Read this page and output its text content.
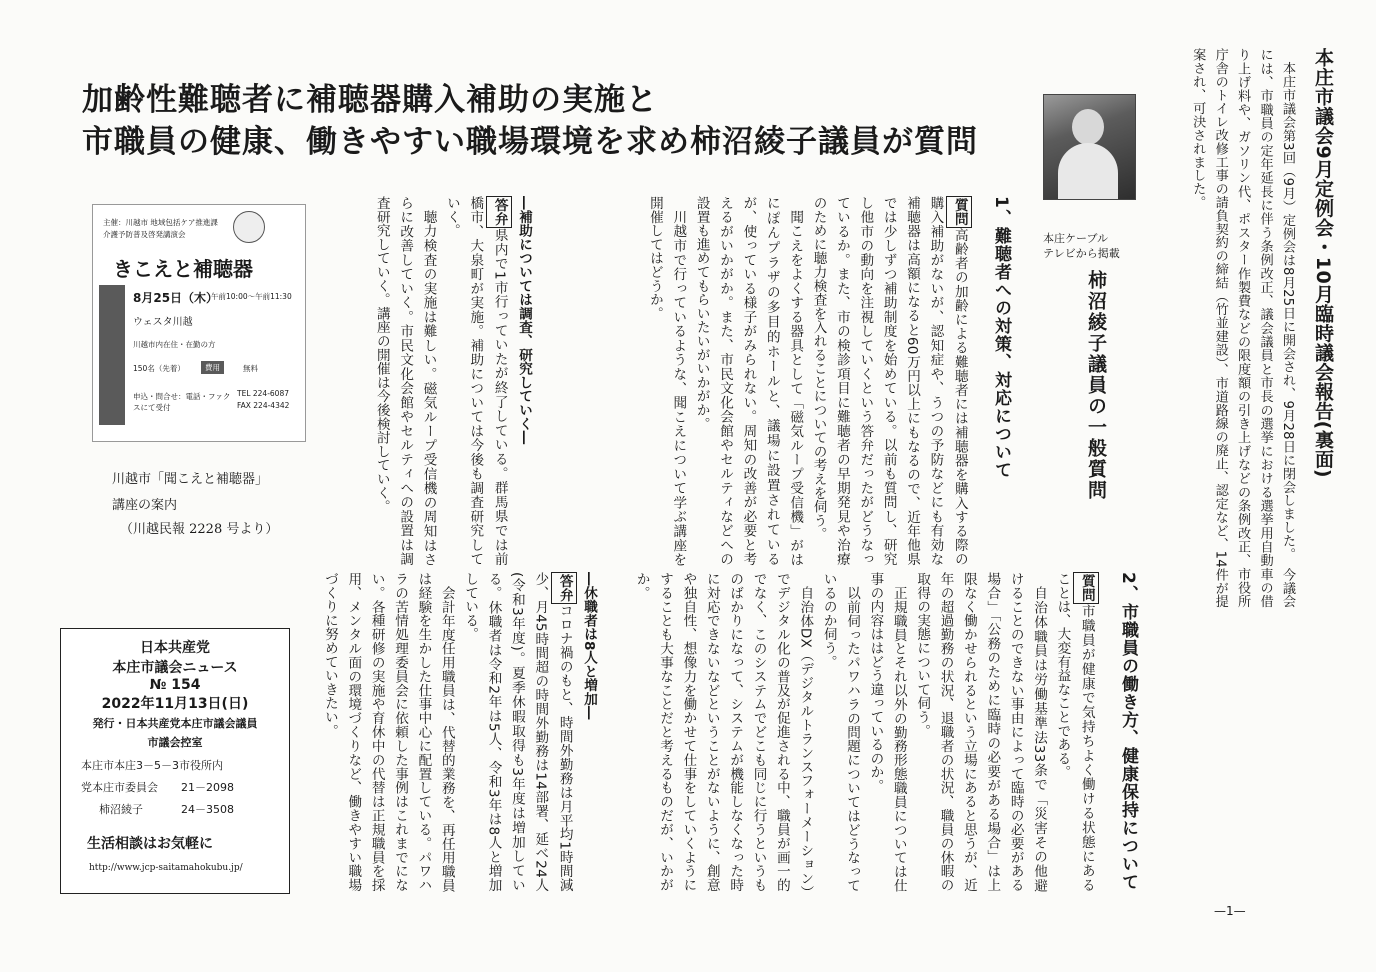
加齢性難聴者に補聴器購入補助の実施と
市職員の健康、働きやすい職場環境を求め柿沼綾子議員が質問	本庄市議会9月定例会・10月臨時議会報告(裏面)
　本庄市議会第3回（9月）定例会は8月25日に開会され、9月28日に閉会しました。　今議会には、市職員の定年延長に伴う条例改正、議会議員と市長の選挙における選挙用自動車の借り上げ料や、ガソリン代、ポスター作製費などの限度額の引き上げなどの条例改正、市役所庁舎のトイレ改修工事の請負契約の締結（竹並建設）、市道路線の廃止、認定など、14件が提案され、可決されました。
本庄ケーブル
テレビから掲載
柿沼綾子議員の一般質問
1、難聴者への対策、対応について

質問高齢者の加齢による難聴者には補聴器を購入する際の購入補助がないが、認知症や、うつの予防などにも有効な補聴器は高額になると60万円以上にもなるので、近年他県では少しずつ補助制度を始めている。以前も質問し、研究し他市の動向を注視していくという答弁だったがどうなっているか。また、市の検診項目に難聴者の早期発見や治療のために聴力検査を入れることについての考えを伺う。

聞こえをよくする器具として「磁気ループ受信機」がはにぽんプラザの多目的ホールと、議場に設置されているが、使っている様子がみられない。周知の改善が必要と考えるがいかがか。また、市民文化会館やセルティなどへの設置も進めてもらいたいがいかがか。

川越市で行っているような、聞こえについて学ぶ講座を開催してはどうか。

―補助については調査、研究していく―

答弁県内で1市行っていたが終了している。群馬県では前橋市、大泉町が実施。補助については今後も調査研究していく。

聴力検査の実施は難しい。磁気ループ受信機の周知はさらに改善していく。市民文化会館やセルティへの設置は調査研究していく。講座の開催は今後検討していく。

2、市職員の働き方、健康保持について

質問市職員が健康で気持ちよく働ける状態にあることは、大変有益なことである。

自治体職員は労働基準法33条で「災害その他避けることのできない事由によって臨時の必要がある場合」「公務のために臨時の必要がある場合」は上限なく働かせられるという立場にあると思うが、近年の超過勤務の状況、退職者の状況、職員の休暇の取得の実態について伺う。

正規職員とそれ以外の勤務形態職員については仕事の内容ははどう違っているのか。

以前伺ったパワハラの問題についてはどうなっているのか伺う。

自治体DX（デジタルトランスフォーメーション）でデジタル化の普及が促進される中、職員が画一的でなく、このシステムでどこも同じに行うというものばかりになって、システムが機能しなくなった時に対応できないなどということがないように、創意や独自性、想像力を働かせて仕事をしていくようにすることも大事なことだと考えるものだが、いかがか。

―休職者は8人と増加―

答弁コロナ禍のもと、時間外勤務は月平均1時間減少、月45時間超の時間外勤務は14部署、延べ24人(令和3年度)。夏季休暇取得も3年度は増加している。休職者は令和2年は5人、令和3年は8人と増加している。

会計年度任用職員は、代替的業務を、再任用職員は経験を生かした仕事中心に配置している。パワハラの苦情処理委員会に依頼した事例はこれまでにない。各種研修の実施や育休中の代替は正規職員を採用、メンタル面の環境づくりなど、働きやすい職場づくりに努めていきたい。

主催：川越市 地域包括ケア推進課
介護予防普及啓発講演会
きこえと補聴器
8月25日（木）
午前10:00〜午前11:30
ウェスタ川越
川越市内在住・在勤の方
150名（先着）	費用	無料
申込・問合せ：電話・ファクスにて受付
TEL 224-6087
FAX 224-4342
川越市「聞こえと補聴器」
講座の案内
（川越民報 2228 号より）
日本共産党
本庄市議会ニュース
№ 154
2022年11月13日(日)
発行・日本共産党本庄市議会議員
市議会控室
本庄市本庄3－5－3市役所内
党本庄市委員会	21－2098
柿沼綾子	24－3508
生活相談はお気軽に
http://www.jcp-saitamahokubu.jp/
—1—
